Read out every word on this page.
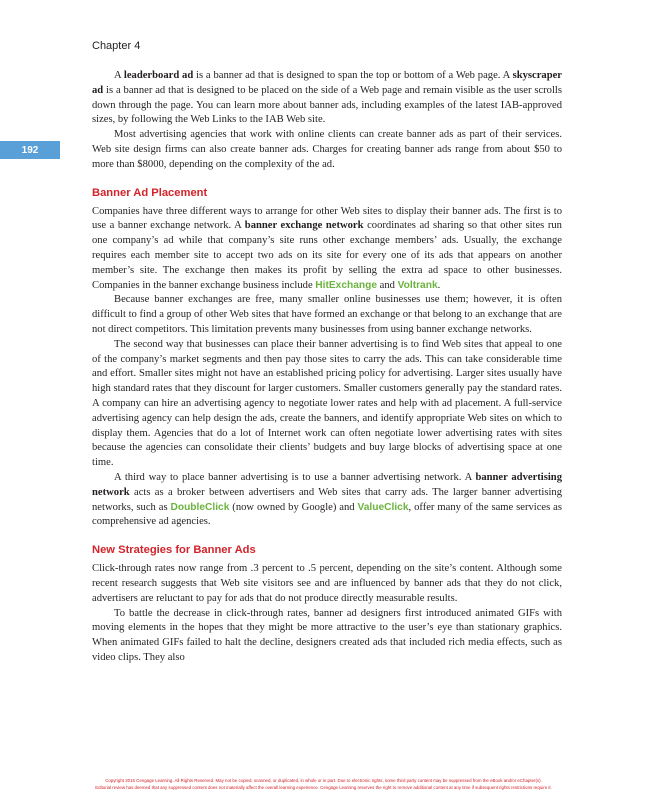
Chapter 4
192

A leaderboard ad is a banner ad that is designed to span the top or bottom of a Web page. A skyscraper ad is a banner ad that is designed to be placed on the side of a Web page and remain visible as the user scrolls down through the page. You can learn more about banner ads, including examples of the latest IAB-approved sizes, by following the Web Links to the IAB Web site.

Most advertising agencies that work with online clients can create banner ads as part of their services. Web site design firms can also create banner ads. Charges for creating banner ads range from about $50 to more than $8000, depending on the complexity of the ad.

Banner Ad Placement

Companies have three different ways to arrange for other Web sites to display their banner ads. The first is to use a banner exchange network. A banner exchange network coordinates ad sharing so that other sites run one company’s ad while that company’s site runs other exchange members’ ads. Usually, the exchange requires each member site to accept two ads on its site for every one of its ads that appears on another member’s site. The exchange then makes its profit by selling the extra ad space to other businesses. Companies in the banner exchange business include HitExchange and Voltrank.

Because banner exchanges are free, many smaller online businesses use them; however, it is often difficult to find a group of other Web sites that have formed an exchange or that belong to an exchange that are not direct competitors. This limitation prevents many businesses from using banner exchange networks.

The second way that businesses can place their banner advertising is to find Web sites that appeal to one of the company’s market segments and then pay those sites to carry the ads. This can take considerable time and effort. Smaller sites might not have an established pricing policy for advertising. Larger sites usually have high standard rates that they discount for larger customers. Smaller customers generally pay the standard rates. A company can hire an advertising agency to negotiate lower rates and help with ad placement. A full-service advertising agency can help design the ads, create the banners, and identify appropriate Web sites on which to display them. Agencies that do a lot of Internet work can often negotiate lower advertising rates with sites because the agencies can consolidate their clients’ budgets and buy large blocks of advertising space at one time.

A third way to place banner advertising is to use a banner advertising network. A banner advertising network acts as a broker between advertisers and Web sites that carry ads. The larger banner advertising networks, such as DoubleClick (now owned by Google) and ValueClick, offer many of the same services as comprehensive ad agencies.

New Strategies for Banner Ads

Click-through rates now range from .3 percent to .5 percent, depending on the site’s content. Although some recent research suggests that Web site visitors see and are influenced by banner ads that they do not click, advertisers are reluctant to pay for ads that do not produce directly measurable results.

To battle the decrease in click-through rates, banner ad designers first introduced animated GIFs with moving elements in the hopes that they might be more attractive to the user’s eye than stationary graphics. When animated GIFs failed to halt the decline, designers created ads that included rich media effects, such as video clips. They also

Copyright 2015 Cengage Learning. All Rights Reserved. May not be copied, scanned, or duplicated, in whole or in part. Due to electronic rights, some third party content may be suppressed from the eBook and/or eChapter(s).
Editorial review has deemed that any suppressed content does not materially affect the overall learning experience. Cengage Learning reserves the right to remove additional content at any time if subsequent rights restrictions require it.
